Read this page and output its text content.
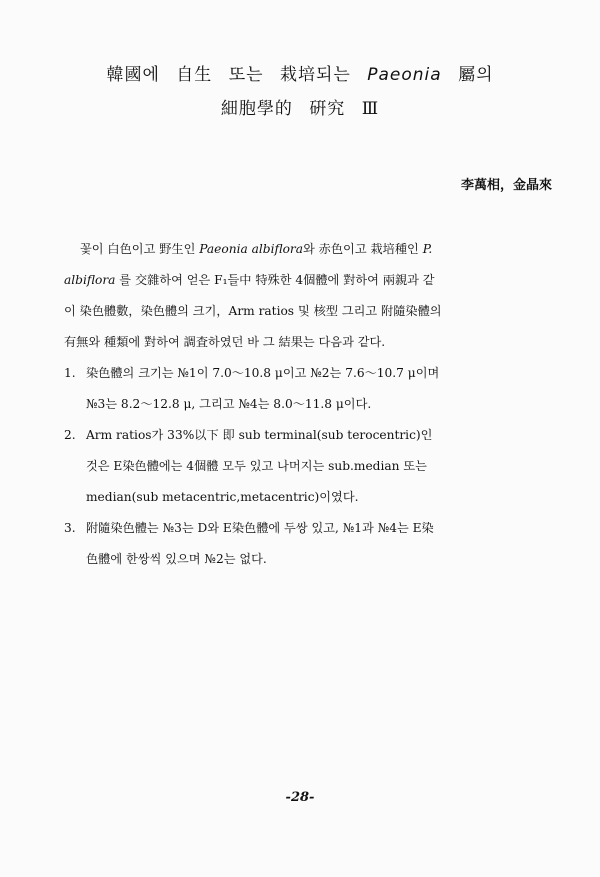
韓國에 自生 또는 栽培되는 Paeonia 屬의
細胞學的 硏究 Ⅲ
李萬相，金晶來
꽃이 白色이고 野生인 Paeonia albiflora와 赤色이고 栽培種인 P.
albiflora 를 交雜하여 얻은 F₁들中 特殊한 4個體에 對하여 兩親과 같
이 染色體數，染色體의 크기，Arm ratios 및 核型 그리고 附隨染體의
有無와 種類에 對하여 調査하였던 바 그 結果는 다음과 같다.
1. 染色體의 크기는 №1이 7.0～10.8 μ이고 №2는 7.6～10.7 μ이며
№3는 8.2～12.8 μ, 그리고 №4는 8.0～11.8 μ이다.
2. Arm ratios가 33%以下 即 sub terminal(sub terocentric)인
것은 E染色體에는 4個體 모두 있고 나머지는 sub.median 또는
median(sub metacentric,metacentric)이였다.
3. 附隨染色體는 №3는 D와 E染色體에 두쌍 있고, №1과 №4는 E染
色體에 한쌍씩 있으며 №2는 없다.
-28-
